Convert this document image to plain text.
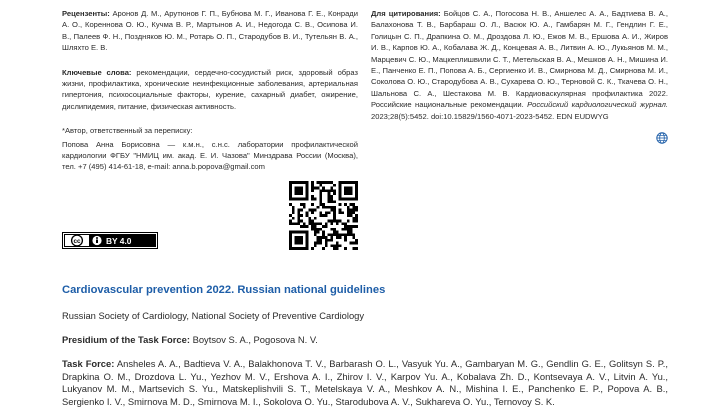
Рецензенты: Аронов Д. М., Арутюнов Г. П., Бубнова М. Г., Иванова Г. Е., Конради А. О., Кореннова О. Ю., Кучма В. Р., Мартынов А. И., Недогода С. В., Осипова И. В., Палеев Ф. Н., Поздняков Ю. М., Ротарь О. П., Стародубов В. И., Тутельян В. А., Шляхто Е. В.

Ключевые слова: рекомендации, сердечно-сосудистый риск, здоровый образ жизни, профилактика, хронические неинфекционные заболевания, артериальная гипертония, психосоциальные факторы, курение, сахарный диабет, ожирение, дислипидемия, питание, физическая активность.

*Автор, ответственный за переписку:

Попова Анна Борисовна — к.м.н., с.н.с. лаборатории профилактической кардиологии ФГБУ "НМИЦ им. акад. Е. И. Чазова" Минздрава России (Москва), тел. +7 (495) 414-61-18, e-mail: anna.b.popova@gmail.com

Для цитирования: Бойцов С. А., Погосова Н. В., Аншелес А. А., Бадтиева В. А., Балахонова Т. В., Барбараш О. Л., Васюк Ю. А., Гамбарян М. Г., Гендлин Г. Е., Голицын С. П., Драпкина О. М., Дроздова Л. Ю., Ежов М. В., Ершова А. И., Жиров И. В., Карпов Ю. А., Кобалава Ж. Д., Концевая А. В., Литвин А. Ю., Лукьянов М. М., Марцевич С. Ю., Мацкеплишвили С. Т., Метельская В. А., Мешков А. Н., Мишина И. Е., Панченко Е. П., Попова А. Б., Сергиенко И. В., Смирнова М. Д., Смирнова М. И., Соколова О. Ю., Стародубова А. В., Сухарева О. Ю., Терновой С. К., Ткачева О. Н., Шальнова С. А., Шестакова М. В. Кардиоваскулярная профилактика 2022. Российские национальные рекомендации. Российский кардиологический журнал. 2023;28(5):5452. doi:10.15829/1560-4071-2023-5452. EDN EUDWYG

cc	BY 4.0
Cardiovascular prevention 2022. Russian national guidelines
Russian Society of Cardiology, National Society of Preventive Cardiology
Presidium of the Task Force: Boytsov S. A., Pogosova N. V.
Task Force: Ansheles A. A., Badtieva V. A., Balakhonova T. V., Barbarash O. L., Vasyuk Yu. A., Gambaryan M. G., Gendlin G. E., Golitsyn S. P., Drapkina O. M., Drozdova L. Yu., Yezhov M. V., Ershova A. I., Zhirov I. V., Karpov Yu. A., Kobalava Zh. D., Kontsevaya A. V., Litvin A. Yu., Lukyanov M. M., Martsevich S. Yu., Matskeplishvili S. T., Metelskaya V. A., Meshkov A. N., Mishina I. E., Panchenko E. P., Popova A. B., Sergienko I. V., Smirnova M. D., Smirnova M. I., Sokolova O. Yu., Starodubova A. V., Sukhareva O. Yu., Ternovoy S. K.
